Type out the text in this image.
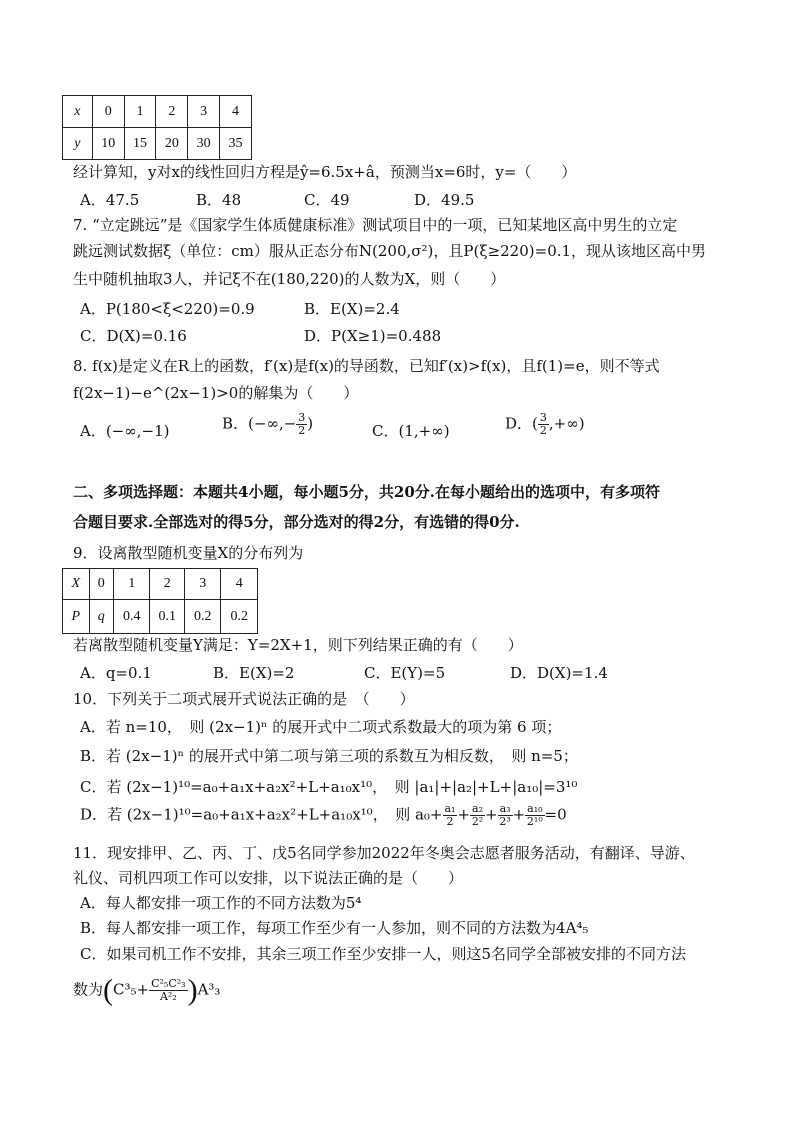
x	0	1	2	3	4
y	10	15	20	30	35
经计算知，y对x的线性回归方程是ŷ=6.5x+â，预测当x=6时，y=（　　）
A．47.5	B．48	C．49	D．49.5
7. “立定跳远”是《国家学生体质健康标准》测试项目中的一项，已知某地区高中男生的立定
跳远测试数据ξ（单位：cm）服从正态分布N(200,σ²)，且P(ξ≥220)=0.1，现从该地区高中男
生中随机抽取3人，并记ξ不在(180,220)的人数为X，则（　　）
A．P(180<ξ<220)=0.9	B．E(X)=2.4
C．D(X)=0.16	D．P(X≥1)=0.488
8. f(x)是定义在R上的函数，f′(x)是f(x)的导函数，已知f′(x)>f(x)，且f(1)=e，则不等式
f(2x−1)−e^(2x−1)>0的解集为（　　）
A．(−∞,−1)	B．(−∞,− $\frac{3}{2}$ )	C．(1,+∞)	D．( $\frac{3}{2}$ ,+∞)
二、多项选择题：本题共4小题，每小题5分，共20分.在每小题给出的选项中，有多项符
合题目要求.全部选对的得5分，部分选对的得2分，有选错的得0分.
9．设离散型随机变量X的分布列为
X	0	1	2	3	4
P	q	0.4	0.1	0.2	0.2
若离散型随机变量Y满足：Y=2X+1，则下列结果正确的有（　　）
A．q=0.1	B．E(X)=2	C．E(Y)=5	D．D(X)=1.4
10．下列关于二项式展开式说法正确的是　（　　）
A．若 n=10，　则 (2x−1)ⁿ 的展开式中二项式系数最大的项为第 6 项；
B．若 (2x−1)ⁿ 的展开式中第二项与第三项的系数互为相反数，　则 n=5；
C．若 (2x−1)¹⁰=a₀+a₁x+a₂x²+L+a₁₀x¹⁰，　则 |a₁|+|a₂|+L+|a₁₀|=3¹⁰
D．若 (2x−1)¹⁰=a₀+a₁x+a₂x²+L+a₁₀x¹⁰，　则 $a_0+ \frac{\text{a₁}}{2} + \frac{\text{a₂}}{\text{2²}} + \frac{\text{a₃}}{\text{2³}} + \frac{\text{a₁₀}}{\text{2¹⁰}} =0$
11．现安排甲、乙、丙、丁、戊5名同学参加2022年冬奥会志愿者服务活动，有翻译、导游、
礼仪、司机四项工作可以安排，以下说法正确的是（　　）
A．每人都安排一项工作的不同方法数为5⁴
B．每人都安排一项工作，每项工作至少有一人参加，则不同的方法数为4A⁴₅
C．如果司机工作不安排，其余三项工作至少安排一人，则这5名同学全部被安排的不同方法
数为$(C^3_5+ \frac{\text{C²₅C²₃}}{\text{A²₂}} )A^3_3$
